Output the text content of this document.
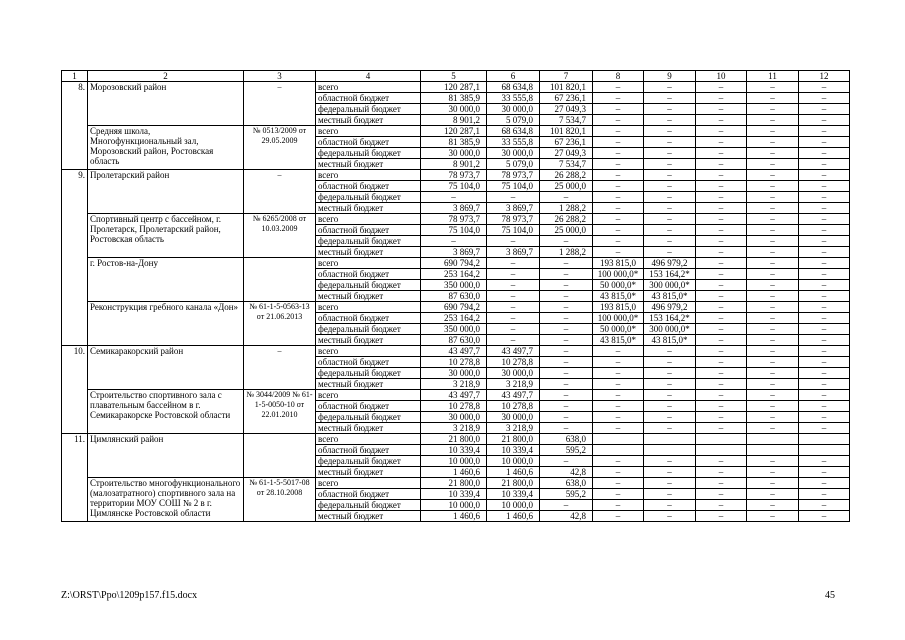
1	2	3	4	5	6	7	8	9	10	11	12
8.	Морозовский район	–	всего	120 287,1	68 634,8	101 820,1	–	–	–	–	–
			областной бюджет	81 385,9	33 555,8	67 236,1	–	–	–	–	–
			федеральный бюджет	30 000,0	30 000,0	27 049,3	–	–	–	–	–
			местный бюджет	8 901,2	5 079,0	7 534,7	–	–	–	–	–
	Средняя школа, Многофункциональный зал, Морозовский район, Ростовская область	№ 0513/2009 от 29.05.2009	всего	120 287,1	68 634,8	101 820,1	–	–	–	–	–
			областной бюджет	81 385,9	33 555,8	67 236,1	–	–	–	–	–
			федеральный бюджет	30 000,0	30 000,0	27 049,3	–	–	–	–	–
			местный бюджет	8 901,2	5 079,0	7 534,7	–	–	–	–	–
9.	Пролетарский район	–	всего	78 973,7	78 973,7	26 288,2	–	–	–	–	–
			областной бюджет	75 104,0	75 104,0	25 000,0	–	–	–	–	–
			федеральный бюджет	–	–	–	–	–	–	–	–
			местный бюджет	3 869,7	3 869,7	1 288,2	–	–	–	–	–
	Спортивный центр с бассейном, г. Пролетарск, Пролетарский район, Ростовская область	№ 6265/2008 от 10.03.2009	всего	78 973,7	78 973,7	26 288,2	–	–	–	–	–
			областной бюджет	75 104,0	75 104,0	25 000,0	–	–	–	–	–
			федеральный бюджет	–	–	–	–	–	–	–	–
			местный бюджет	3 869,7	3 869,7	1 288,2	–	–	–	–	–
	г. Ростов-на-Дону		всего	690 794,2	–	–	193 815,0	496 979,2	–	–	–
			областной бюджет	253 164,2	–	–	100 000,0*	153 164,2*	–	–	–
			федеральный бюджет	350 000,0	–	–	50 000,0*	300 000,0*	–	–	–
			местный бюджет	87 630,0	–	–	43 815,0*	43 815,0*	–	–	–
	Реконструкция гребного канала «Дон»	№ 61-1-5-0563-13 от 21.06.2013	всего	690 794,2	–	–	193 815,0	496 979,2	–	–	–
			областной бюджет	253 164,2	–	–	100 000,0*	153 164,2*	–	–	–
			федеральный бюджет	350 000,0	–	–	50 000,0*	300 000,0*	–	–	–
			местный бюджет	87 630,0	–	–	43 815,0*	43 815,0*	–	–	–
10.	Семикаракорский район	–	всего	43 497,7	43 497,7	–	–	–	–	–	–
			областной бюджет	10 278,8	10 278,8	–	–	–	–	–	–
			федеральный бюджет	30 000,0	30 000,0	–	–	–	–	–	–
			местный бюджет	3 218,9	3 218,9	–	–	–	–	–	–
	Строительство спортивного зала с плавательным бассейном в г. Семикаракорске Ростовской области	№ 3044/2009 № 61-1-5-0050-10 от 22.01.2010	всего	43 497,7	43 497,7	–	–	–	–	–	–
			областной бюджет	10 278,8	10 278,8	–	–	–	–	–	–
			федеральный бюджет	30 000,0	30 000,0	–	–	–	–	–	–
			местный бюджет	3 218,9	3 218,9	–	–	–	–	–	–
11.	Цимлянский район		всего	21 800,0	21 800,0	638,0					
			областной бюджет	10 339,4	10 339,4	595,2					
			федеральный бюджет	10 000,0	10 000,0	–	–	–	–	–	–
			местный бюджет	1 460,6	1 460,6	42,8	–	–	–	–	–
	Строительство многофункционального (малозатратного) спортивного зала на территории МОУ СОШ № 2 в г. Цимлянске Ростовской области	№ 61-1-5-5017-08 от 28.10.2008	всего	21 800,0	21 800,0	638,0	–	–	–	–	–
			областной бюджет	10 339,4	10 339,4	595,2	–	–	–	–	–
			федеральный бюджет	10 000,0	10 000,0	–	–	–	–	–	–
			местный бюджет	1 460,6	1 460,6	42,8	–	–	–	–	–
Z:\ORST\Ppo\1209p157.f15.docx	45
